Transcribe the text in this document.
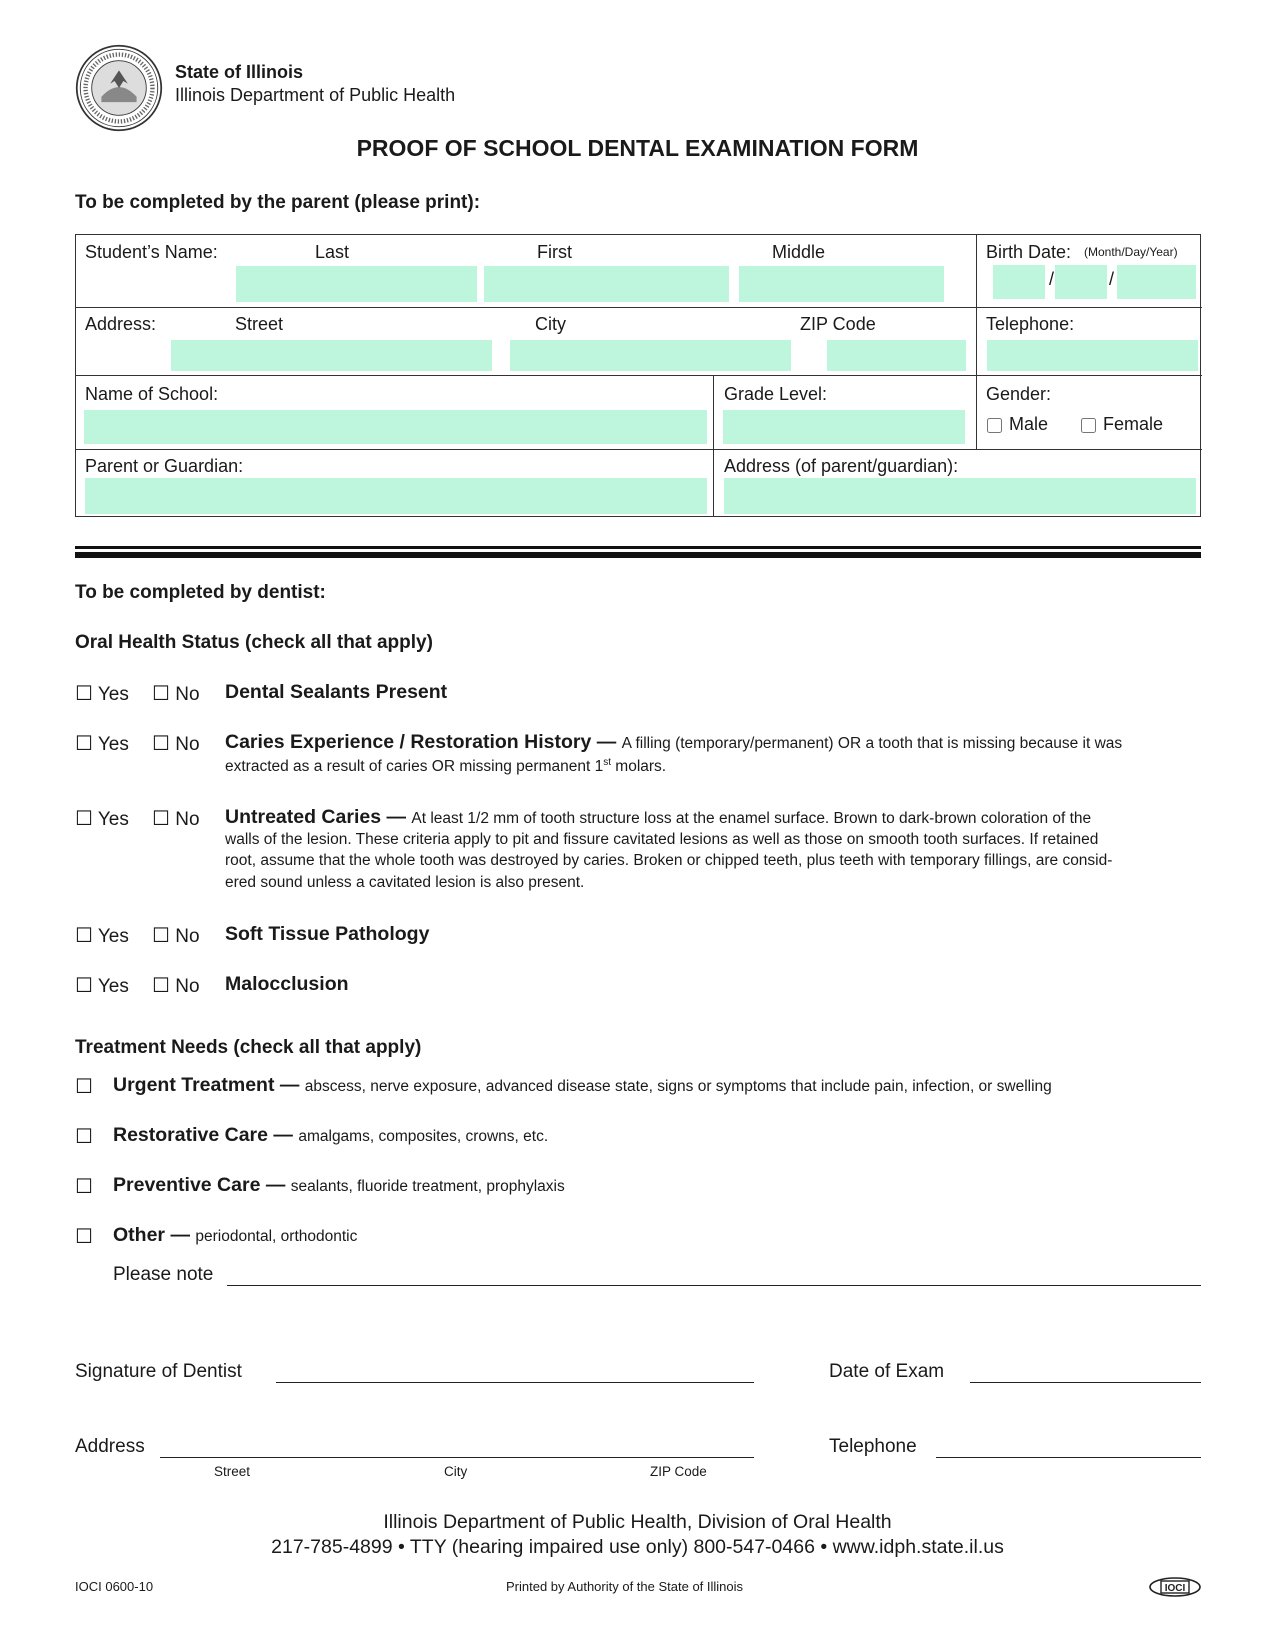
State of Illinois
Illinois Department of Public Health
PROOF OF SCHOOL DENTAL EXAMINATION FORM
To be completed by the parent (please print):
Student’s Name:	Last	First	Middle	Birth Date: (Month/Day/Year)
/	/
Address:	Street	City	ZIP Code	Telephone:
Name of School:	Grade Level:	Gender:
Male	Female
Parent or Guardian:	Address (of parent/guardian):
To be completed by dentist:
Oral Health Status (check all that apply)
☐ Yes ☐ No Dental Sealants Present
☐ Yes ☐ No Caries Experience / Restoration History — A filling (temporary/permanent) OR a tooth that is missing because it was
extracted as a result of caries OR missing permanent 1st molars.
☐ Yes ☐ No Untreated Caries — At least 1/2 mm of tooth structure loss at the enamel surface. Brown to dark-brown coloration of the
walls of the lesion. These criteria apply to pit and fissure cavitated lesions as well as those on smooth tooth surfaces. If retained
root, assume that the whole tooth was destroyed by caries. Broken or chipped teeth, plus teeth with temporary fillings, are consid-
ered sound unless a cavitated lesion is also present.
☐ Yes ☐ No Soft Tissue Pathology
☐ Yes ☐ No Malocclusion
Treatment Needs (check all that apply)
☐ Urgent Treatment — abscess, nerve exposure, advanced disease state, signs or symptoms that include pain, infection, or swelling
☐ Restorative Care — amalgams, composites, crowns, etc.
☐ Preventive Care — sealants, fluoride treatment, prophylaxis
☐ Other — periodontal, orthodontic
Please note
Signature of Dentist	Date of Exam
Address
Street	City	ZIP Code
Telephone
Illinois Department of Public Health, Division of Oral Health
217-785-4899 • TTY (hearing impaired use only) 800-547-0466 • www.idph.state.il.us
IOCI 0600-10	Printed by Authority of the State of Illinois	IOCI
